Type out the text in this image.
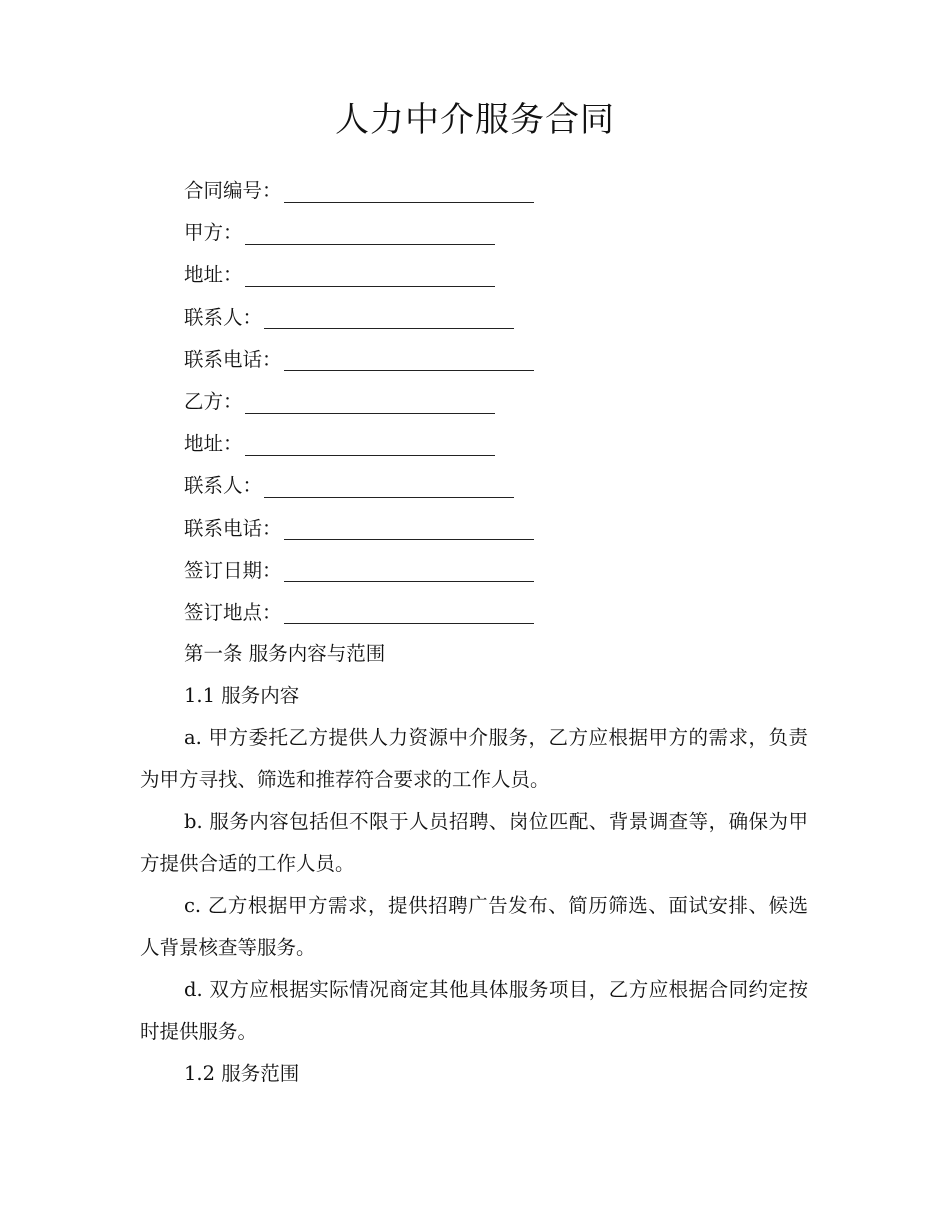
人力中介服务合同
合同编号：
甲方：
地址：
联系人：
联系电话：
乙方：
地址：
联系人：
联系电话：
签订日期：
签订地点：
第一条 服务内容与范围
1.1 服务内容
a. 甲方委托乙方提供人力资源中介服务，乙方应根据甲方的需求，负责为甲方寻找、筛选和推荐符合要求的工作人员。
b. 服务内容包括但不限于人员招聘、岗位匹配、背景调查等，确保为甲方提供合适的工作人员。
c. 乙方根据甲方需求，提供招聘广告发布、简历筛选、面试安排、候选人背景核查等服务。
d. 双方应根据实际情况商定其他具体服务项目，乙方应根据合同约定按时提供服务。
1.2 服务范围
